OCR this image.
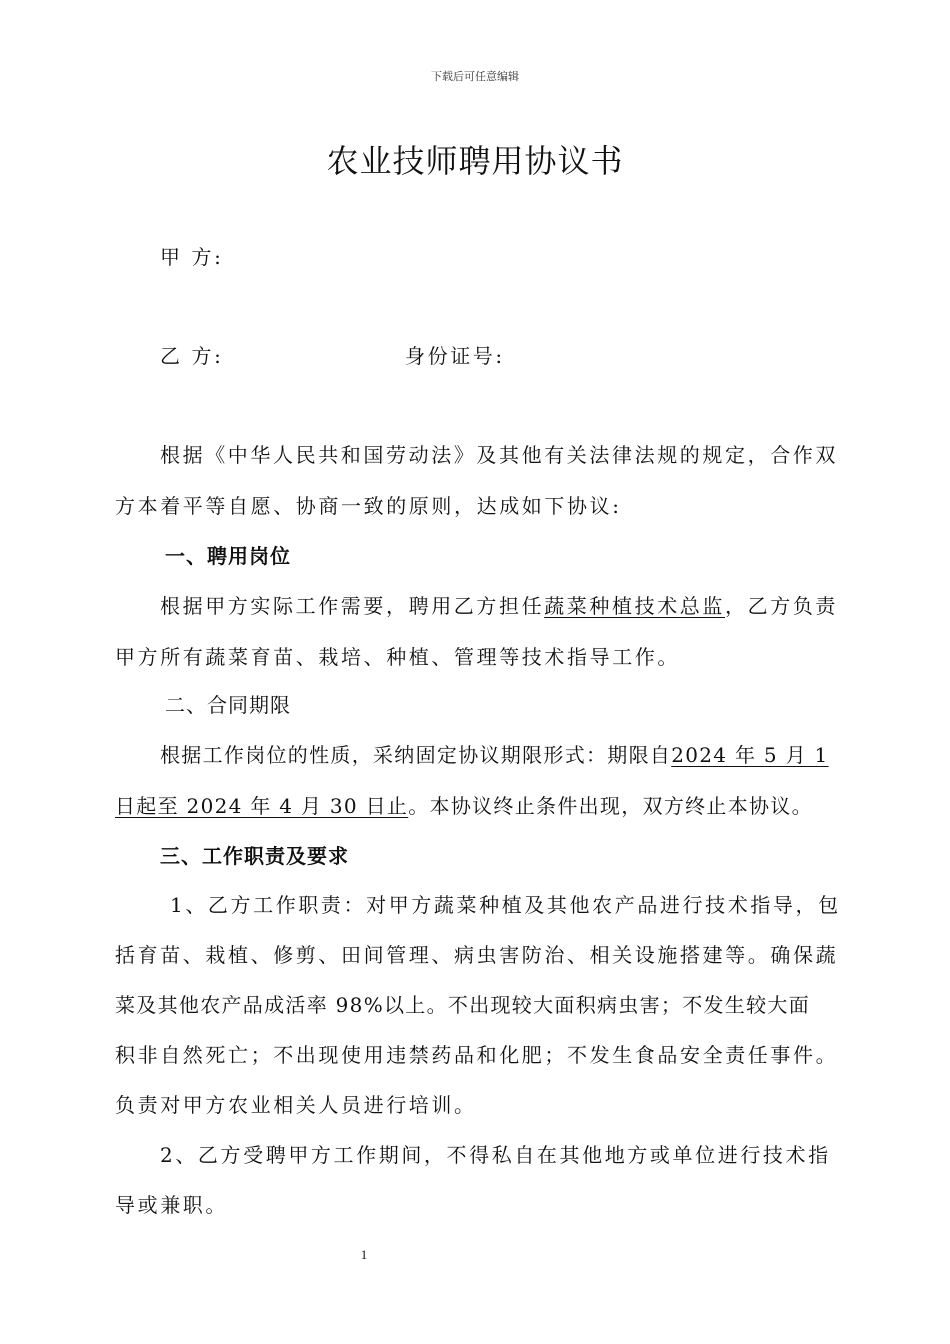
下载后可任意编辑
农业技师聘用协议书
甲 方:
乙 方:	身份证号:
根据《中华人民共和国劳动法》及其他有关法律法规的规定，合作双
方本着平等自愿、协商一致的原则，达成如下协议:
一、聘用岗位
根据甲方实际工作需要，聘用乙方担任蔬菜种植技术总监，乙方负责
甲方所有蔬菜育苗、栽培、种植、管理等技术指导工作。
二、合同期限
根据工作岗位的性质，采纳固定协议期限形式：期限自2024 年 5 月 1
日起至 2024 年 4 月 30 日止。本协议终止条件出现，双方终止本协议。
三、工作职责及要求
1、乙方工作职责：对甲方蔬菜种植及其他农产品进行技术指导，包
括育苗、栽植、修剪、田间管理、病虫害防治、相关设施搭建等。确保蔬
菜及其他农产品成活率 98%以上。不出现较大面积病虫害；不发生较大面
积非自然死亡；不出现使用违禁药品和化肥；不发生食品安全责任事件。
负责对甲方农业相关人员进行培训。
2、乙方受聘甲方工作期间，不得私自在其他地方或单位进行技术指
导或兼职。
1
